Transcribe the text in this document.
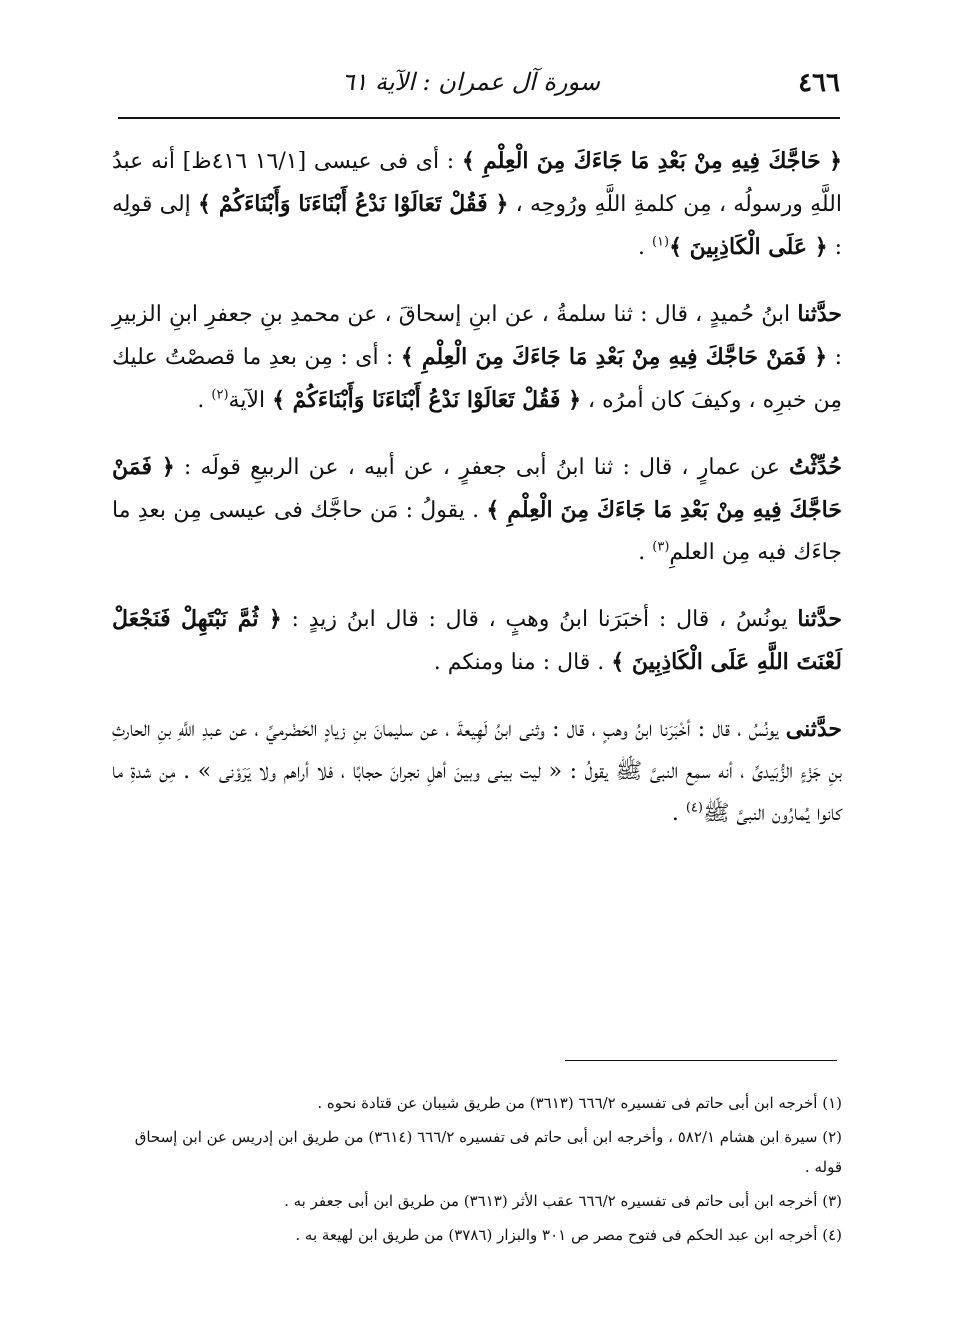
٤٦٦
سورة آل عمران : الآية ٦١

﴿ حَاجَّكَ فِيهِ مِنْ بَعْدِ مَا جَاءَكَ مِنَ الْعِلْمِ ﴾ : أى فى عيسى [١٦/١ ٤١٦ظ] أنه عبدُ اللَّهِ ورسولُه ، مِن كلمةِ اللَّهِ ورُوحِه ، ﴿ فَقُلْ تَعَالَوْا نَدْعُ أَبْنَاءَنَا وَأَبْنَاءَكُمْ ﴾ إلى قولِه : ﴿ عَلَى الْكَاذِبِينَ ﴾$^{(١)}$ .

حدَّثنا ابنُ حُميدٍ ، قال : ثنا سلمةُ ، عن ابنِ إسحاقَ ، عن محمدِ بنِ جعفرِ ابنِ الزبيرِ : ﴿ فَمَنْ حَاجَّكَ فِيهِ مِنْ بَعْدِ مَا جَاءَكَ مِنَ الْعِلْمِ ﴾ : أى : مِن بعدِ ما قصصْتُ عليك مِن خبرِه ، وكيفَ كان أمرُه ، ﴿ فَقُلْ تَعَالَوْا نَدْعُ أَبْنَاءَنَا وَأَبْنَاءَكُمْ ﴾ الآية$^{(٢)}$ .

حُدِّثْتُ عن عمارٍ ، قال : ثنا ابنُ أبى جعفرٍ ، عن أبيه ، عن الربيعِ قولَه : ﴿ فَمَنْ حَاجَّكَ فِيهِ مِنْ بَعْدِ مَا جَاءَكَ مِنَ الْعِلْمِ ﴾ . يقولُ : مَن حاجَّك فى عيسى مِن بعدِ ما جاءَك فيه مِن العلمِ$^{(٣)}$ .

حدَّثنا يونُسُ ، قال : أخبَرَنا ابنُ وهبٍ ، قال : قال ابنُ زيدٍ : ﴿ ثُمَّ نَبْتَهِلْ فَنَجْعَلْ لَعْنَتَ اللَّهِ عَلَى الْكَاذِبِينَ ﴾ . قال : منا ومنكم .

حدَّثنى يونُسُ ، قال : أخْبَرَنا ابنُ وهبٍ ، قال : وثنى ابنُ لَهِيعةَ ، عن سليمانَ بنِ زيادٍ الحَضْرميِّ ، عن عبدِ اللَّهِ بنِ الحارثِ بنِ جَزْءٍ الزُّبَيدىِّ ، أنه سمِع النبىَّ ﷺ يقولُ : « ليت بينى وبينَ أهلِ نجرانَ حجابًا ، فلا أراهم ولا يَرَوْنى » . مِن شدةِ ما كانوا يُمارُون النبىَّ ﷺ$^{(٤)}$ .

(١) أخرجه ابن أبى حاتم فى تفسيره ٦٦٦/٢ (٣٦١٣) من طريق شيبان عن قتادة نحوه .

(٢) سيرة ابن هشام ٥٨٢/١ ، وأخرجه ابن أبى حاتم فى تفسيره ٦٦٦/٢ (٣٦١٤) من طريق ابن إدريس عن ابن إسحاق قوله .

(٣) أخرجه ابن أبى حاتم فى تفسيره ٦٦٦/٢ عقب الأثر (٣٦١٣) من طريق ابن أبى جعفر به .

(٤) أخرجه ابن عبد الحكم فى فتوح مصر ص ٣٠١ والبزار (٣٧٨٦) من طريق ابن لهيعة به .
